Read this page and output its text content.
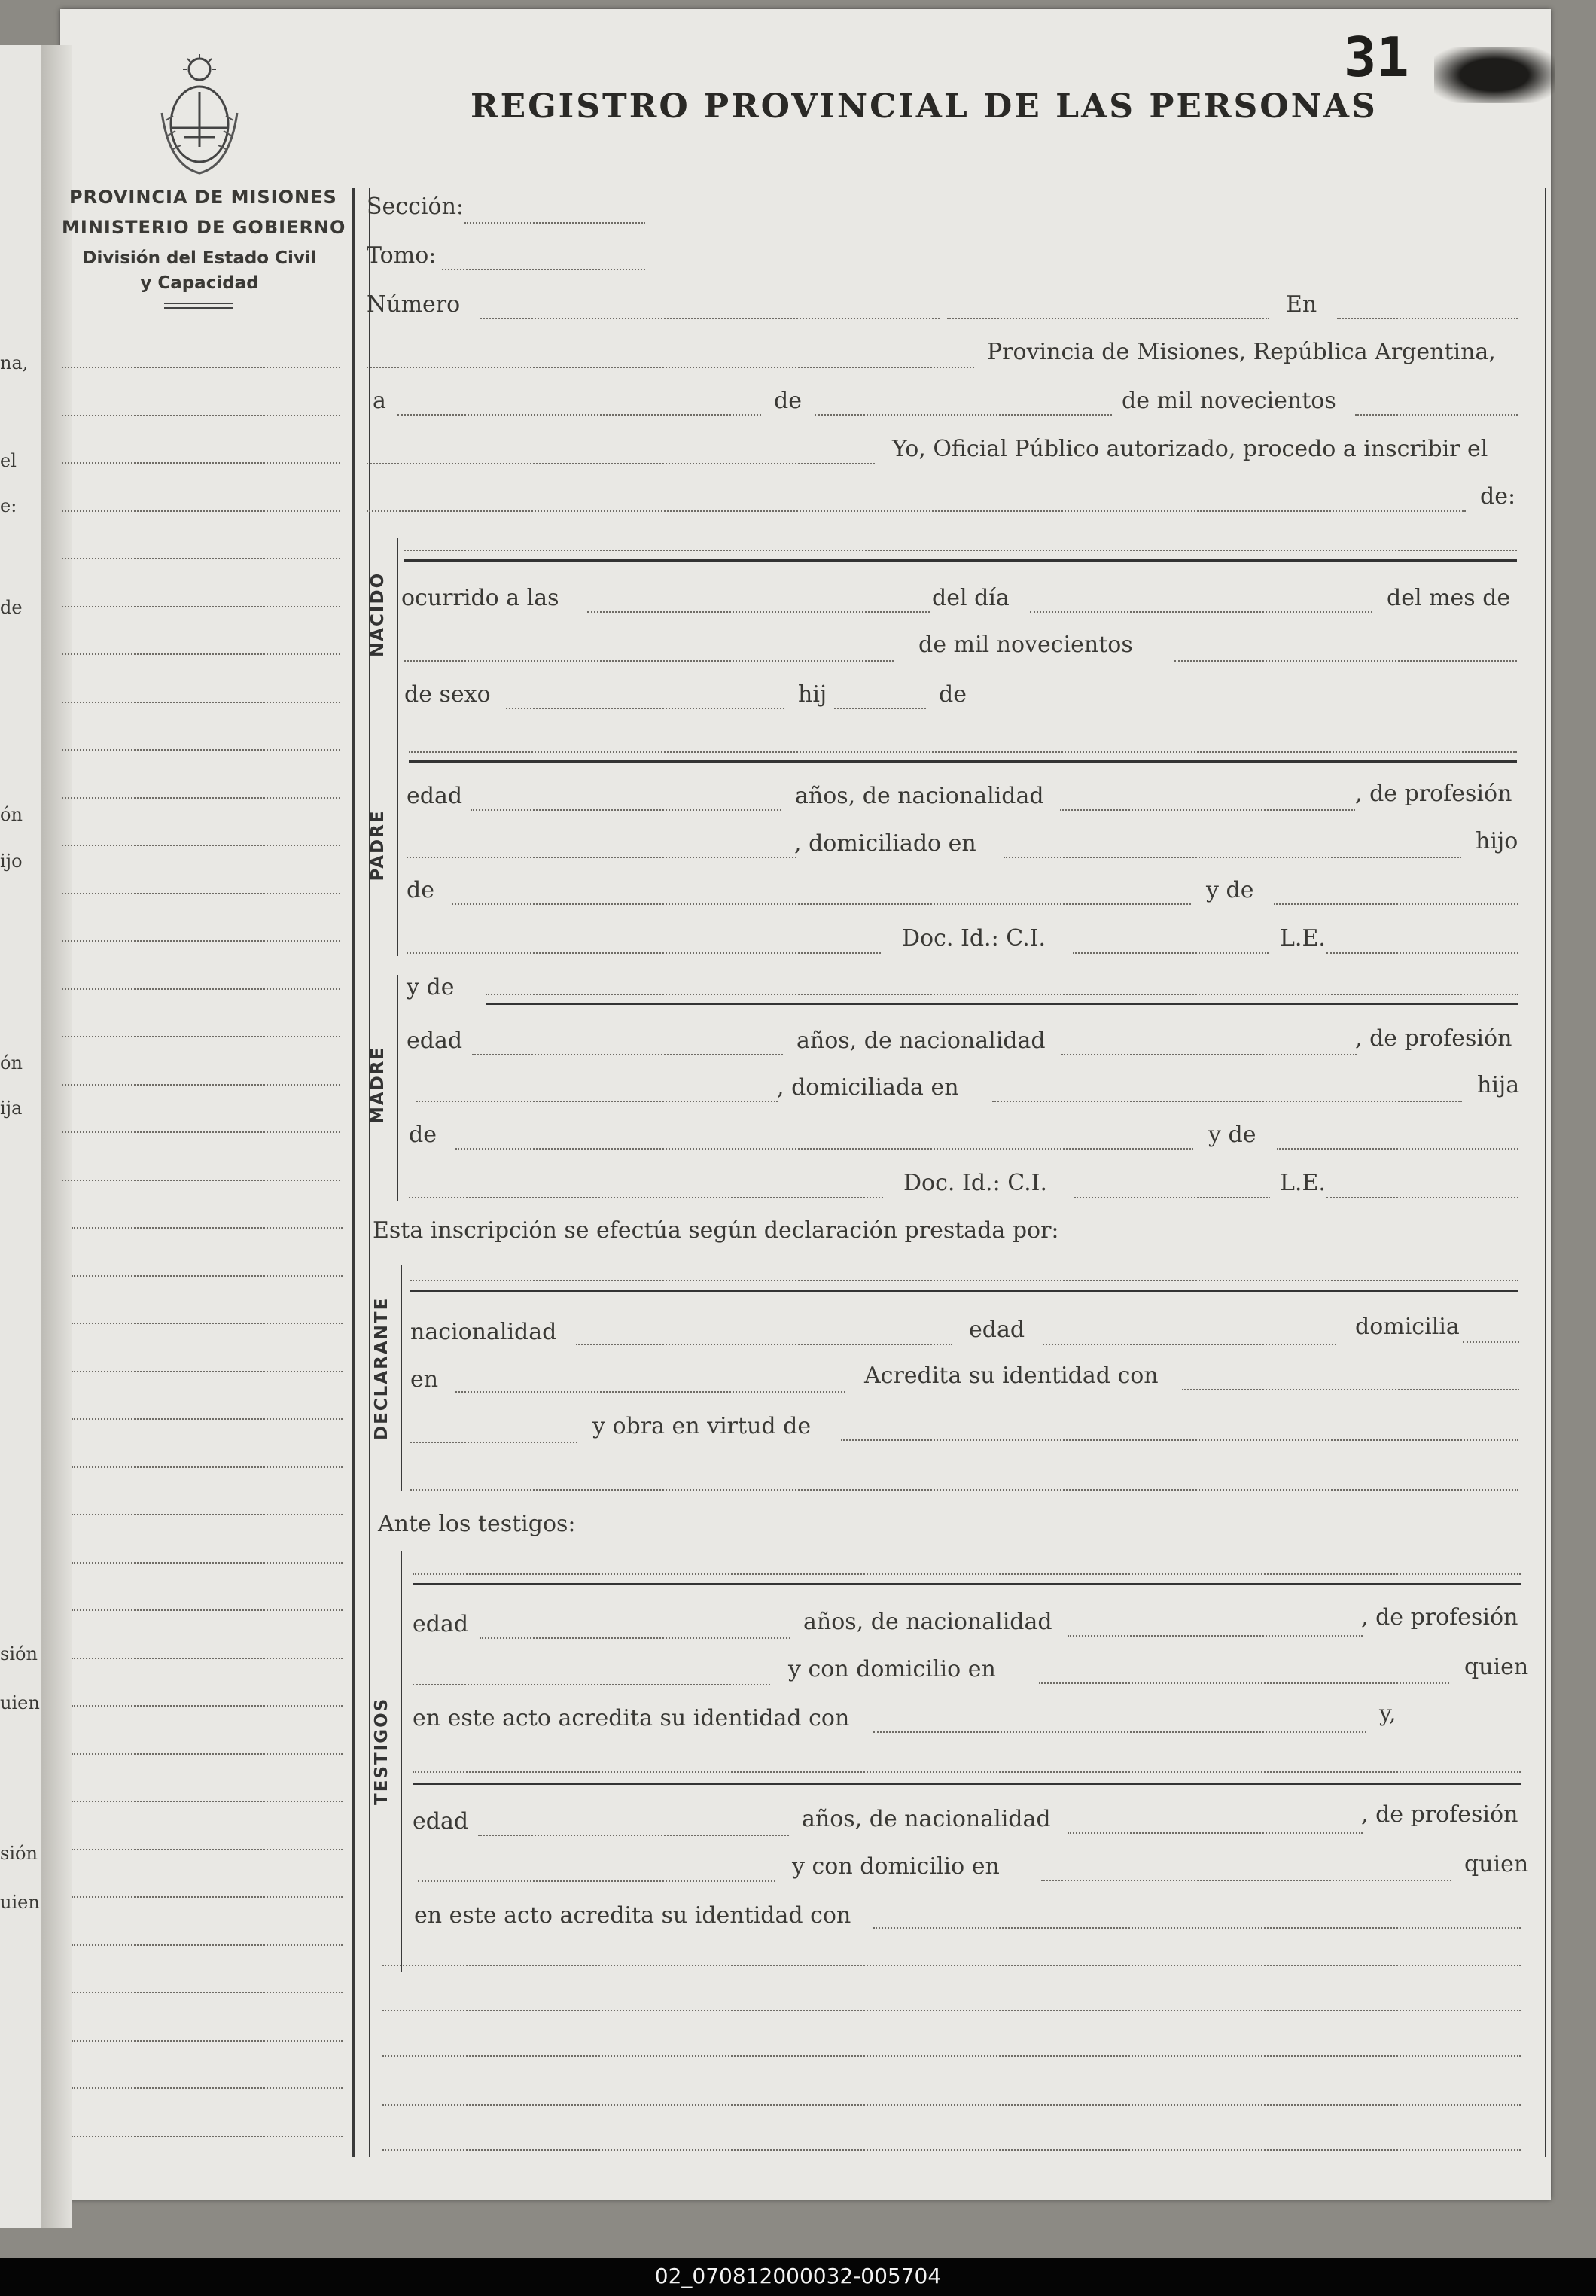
02_070812000032-005704
na,
el
e:
de
ón
ijo
ón
ija
sión
uien
sión
uien
31
PROVINCIA DE MISIONES
MINISTERIO DE GOBIERNO
División del Estado Civil
y Capacidad
REGISTRO PROVINCIAL DE LAS PERSONAS
NACIDO
PADRE
MADRE
DECLARANTE
TESTIGOS
Sección:
Tomo:
Número	En
Provincia de Misiones, República Argentina,
a	de	de mil novecientos
Yo, Oficial Público autorizado, procedo a inscribir el
de:
ocurrido a las	del día	del mes de
de mil novecientos
de sexo	hij	de
edad	años, de nacionalidad	, de profesión
, domiciliado en	hijo
de	y de
Doc. Id.: C.I.	L.E.
y de
edad	años, de nacionalidad	, de profesión
, domiciliada en	hija
de	y de
Doc. Id.: C.I.	L.E.
Esta inscripción se efectúa según declaración prestada por:
nacionalidad	edad	domicilia
en	Acredita su identidad con
y obra en virtud de
Ante los testigos:
edad	años, de nacionalidad	, de profesión
y con domicilio en	quien
en este acto acredita su identidad con	y,
edad	años, de nacionalidad	, de profesión
y con domicilio en	quien
en este acto acredita su identidad con
